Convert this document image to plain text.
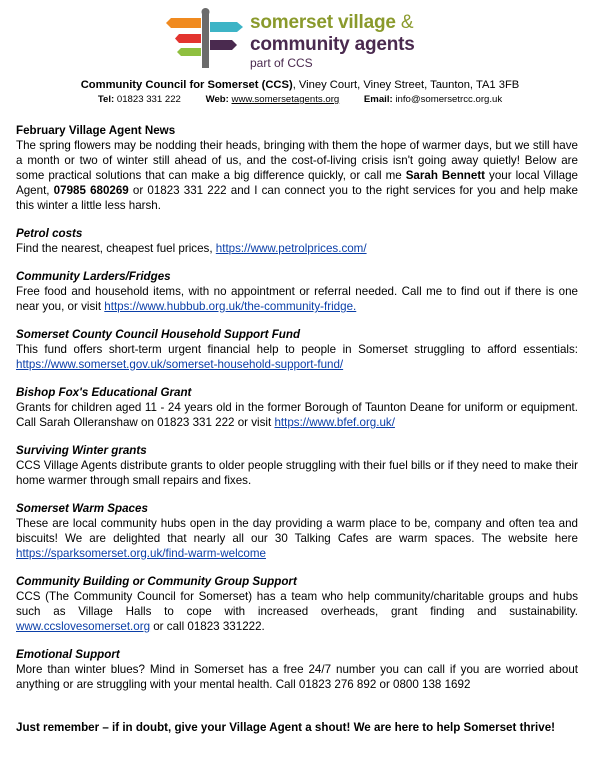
somerset village &
community agents
part of CCS
Community Council for Somerset (CCS), Viney Court, Viney Street, Taunton, TA1 3FB
Tel: 01823 331 222	Web: www.somersetagents.org	Email: info@somersetrcc.org.uk

February Village Agent News

The spring flowers may be nodding their heads, bringing with them the hope of warmer days, but we still have a month or two of winter still ahead of us, and the cost-of-living crisis isn't going away quietly! Below are some practical solutions that can make a big difference quickly, or call me Sarah Bennett your local Village Agent, 07985 680269 or 01823 331 222 and I can connect you to the right services for you and help make this winter a little less harsh.

Petrol costs

Find the nearest, cheapest fuel prices, https://www.petrolprices.com/

Community Larders/Fridges

Free food and household items, with no appointment or referral needed. Call me to find out if there is one near you, or visit https://www.hubbub.org.uk/the-community-fridge.

Somerset County Council Household Support Fund

This fund offers short-term urgent financial help to people in Somerset struggling to afford essentials: https://www.somerset.gov.uk/somerset-household-support-fund/

Bishop Fox's Educational Grant

Grants for children aged 11 - 24 years old in the former Borough of Taunton Deane for uniform or equipment. Call Sarah Olleranshaw on 01823 331 222 or visit https://www.bfef.org.uk/

Surviving Winter grants

CCS Village Agents distribute grants to older people struggling with their fuel bills or if they need to make their home warmer through small repairs and fixes.

Somerset Warm Spaces

These are local community hubs open in the day providing a warm place to be, company and often tea and biscuits! We are delighted that nearly all our 30 Talking Cafes are warm spaces. The website here https://sparksomerset.org.uk/find-warm-welcome

Community Building or Community Group Support

CCS (The Community Council for Somerset) has a team who help community/charitable groups and hubs such as Village Halls to cope with increased overheads, grant finding and sustainability. www.ccslovesomerset.org or call 01823 331222.

Emotional Support

More than winter blues? Mind in Somerset has a free 24/7 number you can call if you are worried about anything or are struggling with your mental health. Call 01823 276 892 or 0800 138 1692

Just remember – if in doubt, give your Village Agent a shout! We are here to help Somerset thrive!
